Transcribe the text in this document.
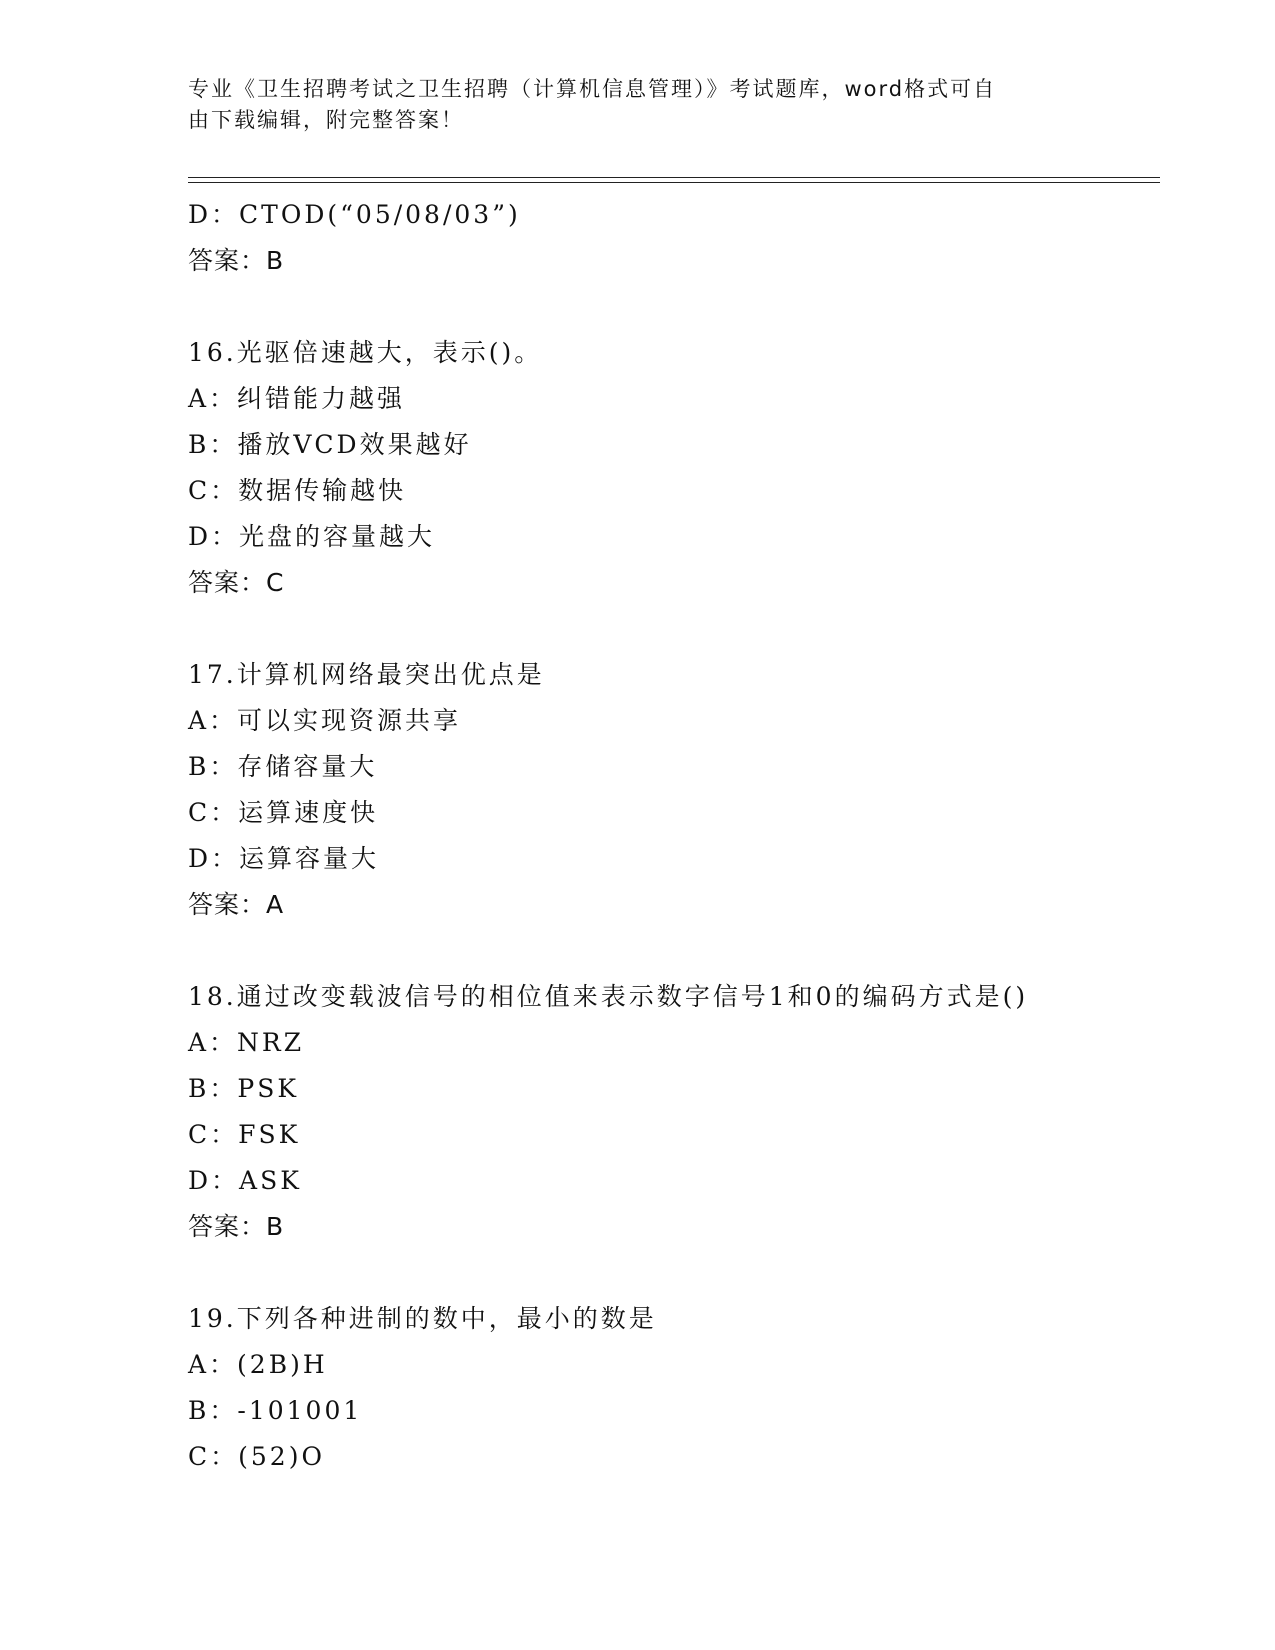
专业《卫生招聘考试之卫生招聘（计算机信息管理）》考试题库，word格式可自
由下载编辑，附完整答案！
D：CTOD(“05/08/03”)
答案：B
16.光驱倍速越大，表示()。
A：纠错能力越强
B：播放VCD效果越好
C：数据传输越快
D：光盘的容量越大
答案：C
17.计算机网络最突出优点是
A：可以实现资源共享
B：存储容量大
C：运算速度快
D：运算容量大
答案：A
18.通过改变载波信号的相位值来表示数字信号1和0的编码方式是()
A：NRZ
B：PSK
C：FSK
D：ASK
答案：B
19.下列各种进制的数中，最小的数是
A：(2B)H
B：-101001
C：(52)O
